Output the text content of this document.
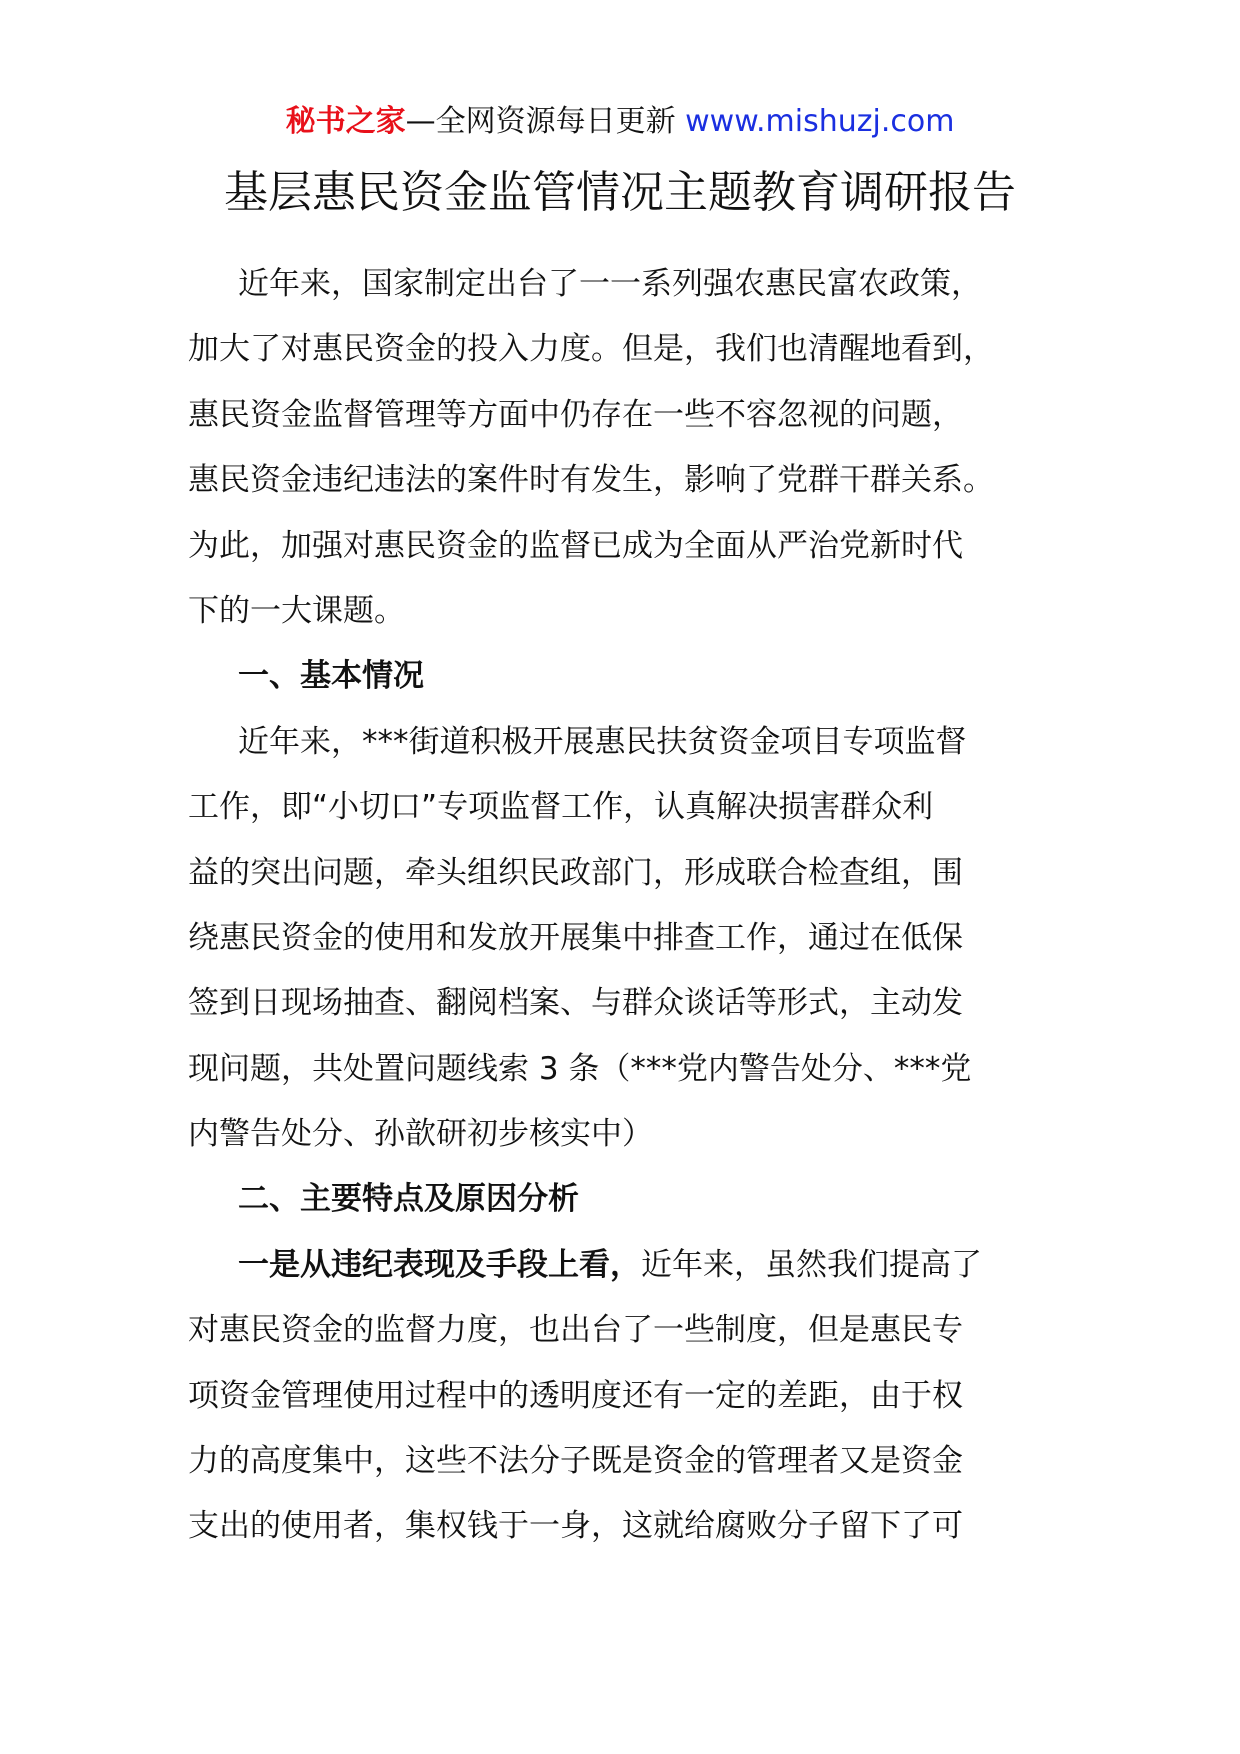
秘书之家—全网资源每日更新 www.mishuzj.com
基层惠民资金监管情况主题教育调研报告
近年来，国家制定出台了一一系列强农惠民富农政策，
加大了对惠民资金的投入力度。但是，我们也清醒地看到，
惠民资金监督管理等方面中仍存在一些不容忽视的问题，
惠民资金违纪违法的案件时有发生，影响了党群干群关系。
为此，加强对惠民资金的监督已成为全面从严治党新时代
下的一大课题。
一、基本情况
近年来，***街道积极开展惠民扶贫资金项目专项监督
工作，即“小切口”专项监督工作，认真解决损害群众利
益的突出问题，牵头组织民政部门，形成联合检查组，围
绕惠民资金的使用和发放开展集中排查工作，通过在低保
签到日现场抽查、翻阅档案、与群众谈话等形式，主动发
现问题，共处置问题线索 3 条（***党内警告处分、***党
内警告处分、孙歆研初步核实中）
二、主要特点及原因分析
一是从违纪表现及手段上看，近年来，虽然我们提高了
对惠民资金的监督力度，也出台了一些制度，但是惠民专
项资金管理使用过程中的透明度还有一定的差距，由于权
力的高度集中，这些不法分子既是资金的管理者又是资金
支出的使用者，集权钱于一身，这就给腐败分子留下了可
